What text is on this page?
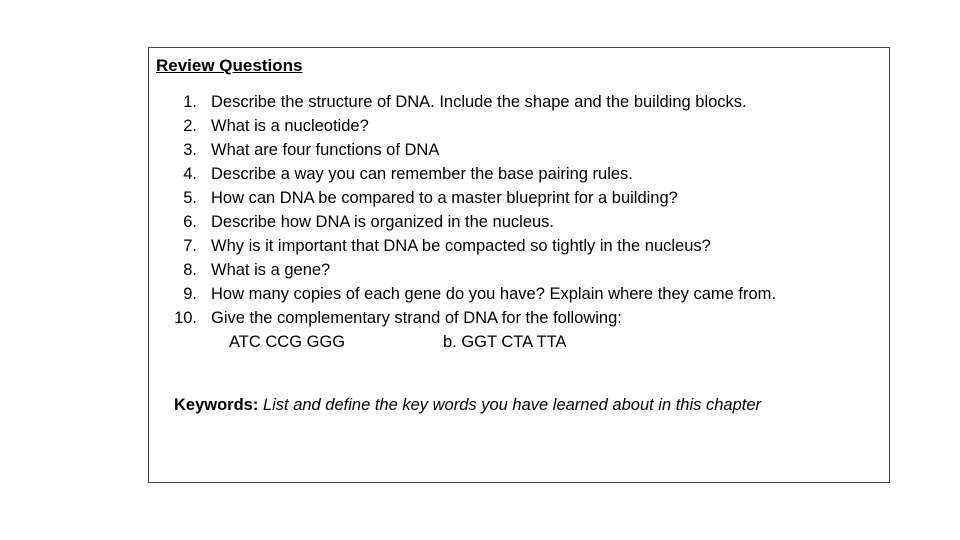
Review Questions
1. Describe the structure of DNA. Include the shape and the building blocks.
2. What is a nucleotide?
3. What are four functions of DNA
4. Describe a way you can remember the base pairing rules.
5. How can DNA be compared to a master blueprint for a building?
6. Describe how DNA is organized in the nucleus.
7. Why is it important that DNA be compacted so tightly in the nucleus?
8. What is a gene?
9. How many copies of each gene do you have? Explain where they came from.
10. Give the complementary strand of DNA for the following:
ATC CCG GGG	b. GGT CTA TTA
Keywords: List and define the key words you have learned about in this chapter
